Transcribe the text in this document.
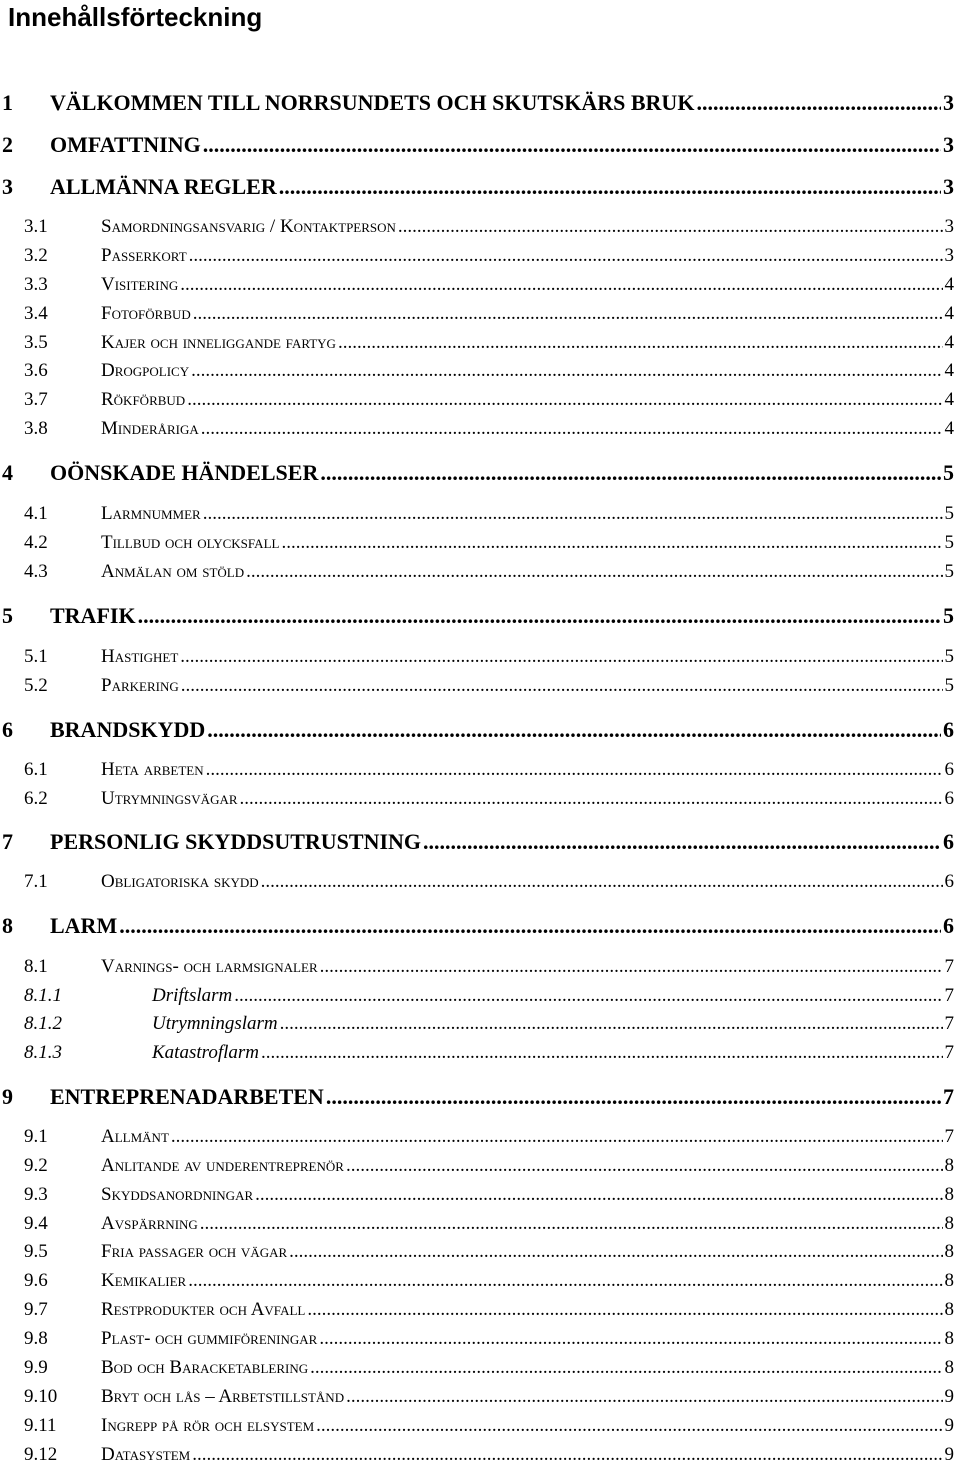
Innehållsförteckning
1	VÄLKOMMEN TILL NORRSUNDETS OCH SKUTSKÄRS BRUK .....	3
2	OMFATTNING .....	3
3	ALLMÄNNA REGLER .....	3
3.1	Samordningsansvarig / Kontaktperson .....	3
3.2	Passerkort .....	3
3.3	Visitering .....	4
3.4	Fotoförbud .....	4
3.5	Kajer och inneliggande fartyg .....	4
3.6	Drogpolicy .....	4
3.7	Rökförbud .....	4
3.8	Minderåriga .....	4
4	OÖNSKADE HÄNDELSER .....	5
4.1	Larmnummer .....	5
4.2	Tillbud och olycksfall .....	5
4.3	Anmälan om stöld .....	5
5	TRAFIK .....	5
5.1	Hastighet .....	5
5.2	Parkering .....	5
6	BRANDSKYDD .....	6
6.1	Heta arbeten .....	6
6.2	Utrymningsvägar .....	6
7	PERSONLIG SKYDDSUTRUSTNING .....	6
7.1	Obligatoriska skydd .....	6
8	LARM .....	6
8.1	Varnings- och larmsignaler .....	7
8.1.1	Driftslarm .....	7
8.1.2	Utrymningslarm .....	7
8.1.3	Katastroflarm .....	7
9	ENTREPRENADARBETEN .....	7
9.1	Allmänt .....	7
9.2	Anlitande av underentreprenör .....	8
9.3	Skyddsanordningar .....	8
9.4	Avspärrning .....	8
9.5	Fria passager och vägar .....	8
9.6	Kemikalier .....	8
9.7	Restprodukter och Avfall .....	8
9.8	Plast- och gummiföreningar .....	8
9.9	Bod och Baracketablering .....	8
9.10	Bryt och lås – Arbetstillstånd .....	9
9.11	Ingrepp på rör och elsystem .....	9
9.12	Datasystem .....	9
